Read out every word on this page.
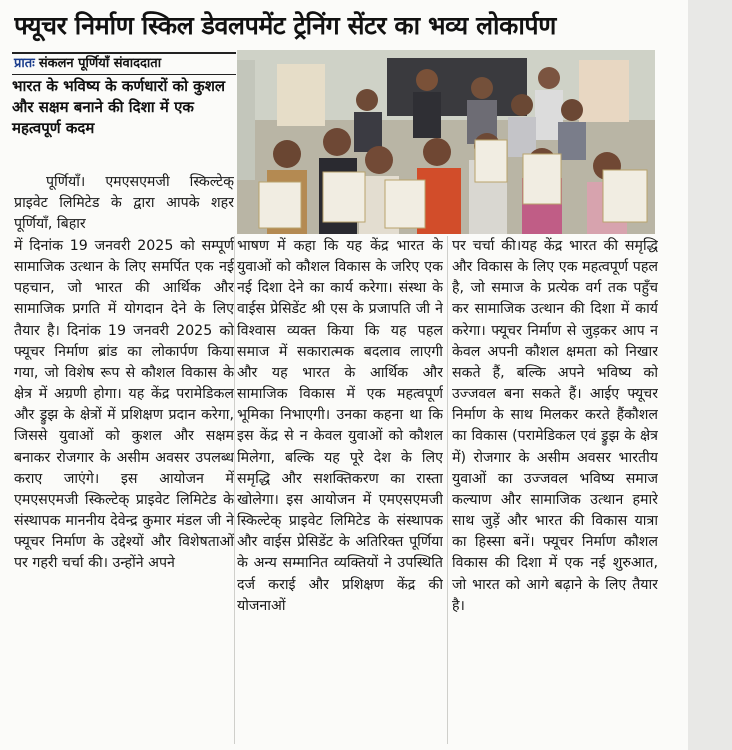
फ्यूचर निर्माण स्किल डेवलपमेंट ट्रेनिंग सेंटर का भव्य लोकार्पण
प्रातः संकलन पूर्णियाँ संवाददाता
भारत के भविष्य के कर्णधारों को कुशल और सक्षम बनाने की दिशा में एक महत्वपूर्ण कदम
पूर्णियाँ। एमएसएमजी स्किल्टेक् प्राइवेट लिमिटेड के द्वारा आपके शहर पूर्णियाँ, बिहार
में दिनांक 19 जनवरी 2025 को सम्पूर्ण सामाजिक उत्थान के लिए समर्पित एक नई पहचान, जो भारत की आर्थिक और सामाजिक प्रगति में योगदान देने के लिए तैयार है। दिनांक 19 जनवरी 2025 को फ्यूचर निर्माण ब्रांड का लोकार्पण किया गया, जो विशेष रूप से कौशल विकास के क्षेत्र में अग्रणी होगा। यह केंद्र परामेडिकल और ड्रुझ के क्षेत्रों में प्रशिक्षण प्रदान करेगा, जिससे युवाओं को कुशल और सक्षम बनाकर रोजगार के असीम अवसर उपलब्ध कराए जाएंगे। इस आयोजन में एमएसएमजी स्किल्टेक् प्राइवेट लिमिटेड के संस्थापक माननीय देवेन्द्र कुमार मंडल जी ने फ्यूचर निर्माण के उद्देश्यों और विशेषताओं पर गहरी चर्चा की। उन्होंने अपने
भाषण में कहा कि यह केंद्र भारत के युवाओं को कौशल विकास के जरिए एक नई दिशा देने का कार्य करेगा। संस्था के वाईस प्रेसिडेंट श्री एस के प्रजापति जी ने विश्वास व्यक्त किया कि यह पहल समाज में सकारात्मक बदलाव लाएगी और यह भारत के आर्थिक और सामाजिक विकास में एक महत्वपूर्ण भूमिका निभाएगी। उनका कहना था कि इस केंद्र से न केवल युवाओं को कौशल मिलेगा, बल्कि यह पूरे देश के लिए समृद्धि और सशक्तिकरण का रास्ता खोलेगा। इस आयोजन में एमएसएमजी स्किल्टेक् प्राइवेट लिमिटेड के संस्थापक और वाईस प्रेसिडेंट के अतिरिक्त पूर्णिया के अन्य सम्मानित व्यक्तियों ने उपस्थिति दर्ज कराई और प्रशिक्षण केंद्र की योजनाओं
पर चर्चा की।यह केंद्र भारत की समृद्धि और विकास के लिए एक महत्वपूर्ण पहल है, जो समाज के प्रत्येक वर्ग तक पहुँच कर सामाजिक उत्थान की दिशा में कार्य करेगा। फ्यूचर निर्माण से जुड़कर आप न केवल अपनी कौशल क्षमता को निखार सकते हैं, बल्कि अपने भविष्य को उज्जवल बना सकते हैं। आईए फ्यूचर निर्माण के साथ मिलकर करते हैंकौशल का विकास (परामेडिकल एवं ड्रुझ के क्षेत्र में) रोजगार के असीम अवसर भारतीय युवाओं का उज्जवल भविष्य समाज कल्याण और सामाजिक उत्थान हमारे साथ जुड़ें और भारत की विकास यात्रा का हिस्सा बनें। फ्यूचर निर्माण कौशल विकास की दिशा में एक नई शुरुआत, जो भारत को आगे बढ़ाने के लिए तैयार है।
